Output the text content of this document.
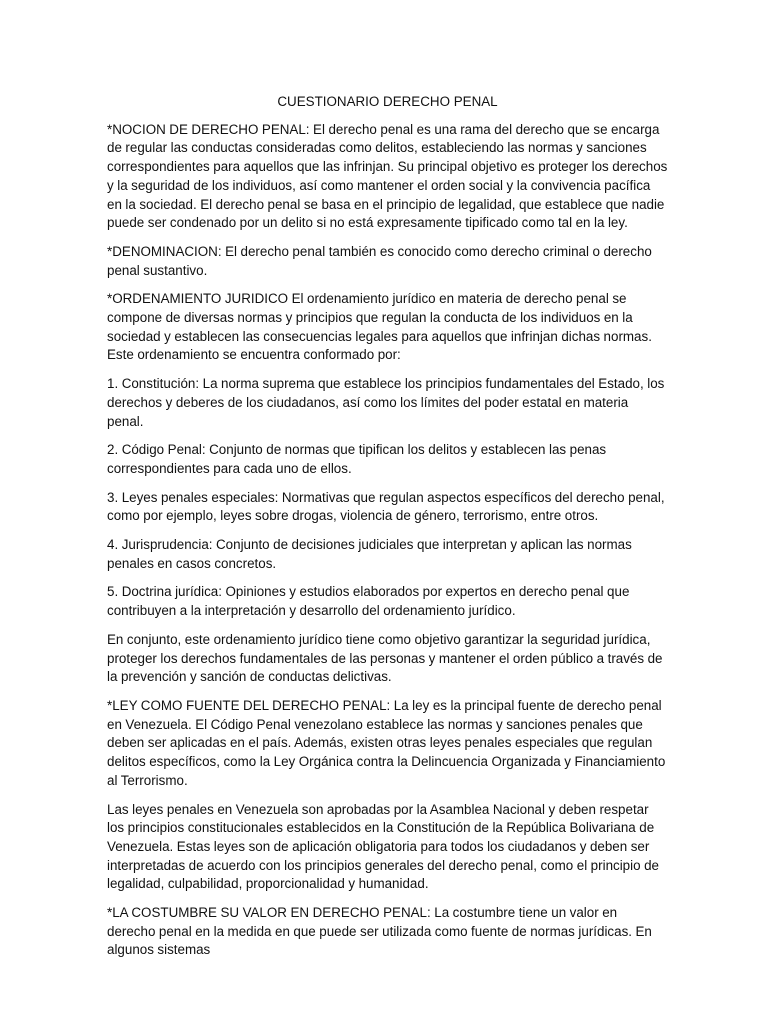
CUESTIONARIO DERECHO PENAL

*NOCION DE DERECHO PENAL: El derecho penal es una rama del derecho que se encarga de regular las conductas consideradas como delitos, estableciendo las normas y sanciones correspondientes para aquellos que las infrinjan. Su principal objetivo es proteger los derechos y la seguridad de los individuos, así como mantener el orden social y la convivencia pacífica en la sociedad. El derecho penal se basa en el principio de legalidad, que establece que nadie puede ser condenado por un delito si no está expresamente tipificado como tal en la ley.

*DENOMINACION: El derecho penal también es conocido como derecho criminal o derecho penal sustantivo.

*ORDENAMIENTO JURIDICO El ordenamiento jurídico en materia de derecho penal se compone de diversas normas y principios que regulan la conducta de los individuos en la sociedad y establecen las consecuencias legales para aquellos que infrinjan dichas normas. Este ordenamiento se encuentra conformado por:

1. Constitución: La norma suprema que establece los principios fundamentales del Estado, los derechos y deberes de los ciudadanos, así como los límites del poder estatal en materia penal.

2. Código Penal: Conjunto de normas que tipifican los delitos y establecen las penas correspondientes para cada uno de ellos.

3. Leyes penales especiales: Normativas que regulan aspectos específicos del derecho penal, como por ejemplo, leyes sobre drogas, violencia de género, terrorismo, entre otros.

4. Jurisprudencia: Conjunto de decisiones judiciales que interpretan y aplican las normas penales en casos concretos.

5. Doctrina jurídica: Opiniones y estudios elaborados por expertos en derecho penal que contribuyen a la interpretación y desarrollo del ordenamiento jurídico.

En conjunto, este ordenamiento jurídico tiene como objetivo garantizar la seguridad jurídica, proteger los derechos fundamentales de las personas y mantener el orden público a través de la prevención y sanción de conductas delictivas.

*LEY COMO FUENTE DEL DERECHO PENAL: La ley es la principal fuente de derecho penal en Venezuela. El Código Penal venezolano establece las normas y sanciones penales que deben ser aplicadas en el país. Además, existen otras leyes penales especiales que regulan delitos específicos, como la Ley Orgánica contra la Delincuencia Organizada y Financiamiento al Terrorismo.

Las leyes penales en Venezuela son aprobadas por la Asamblea Nacional y deben respetar los principios constitucionales establecidos en la Constitución de la República Bolivariana de Venezuela. Estas leyes son de aplicación obligatoria para todos los ciudadanos y deben ser interpretadas de acuerdo con los principios generales del derecho penal, como el principio de legalidad, culpabilidad, proporcionalidad y humanidad.

*LA COSTUMBRE SU VALOR EN DERECHO PENAL: La costumbre tiene un valor en derecho penal en la medida en que puede ser utilizada como fuente de normas jurídicas. En algunos sistemas
